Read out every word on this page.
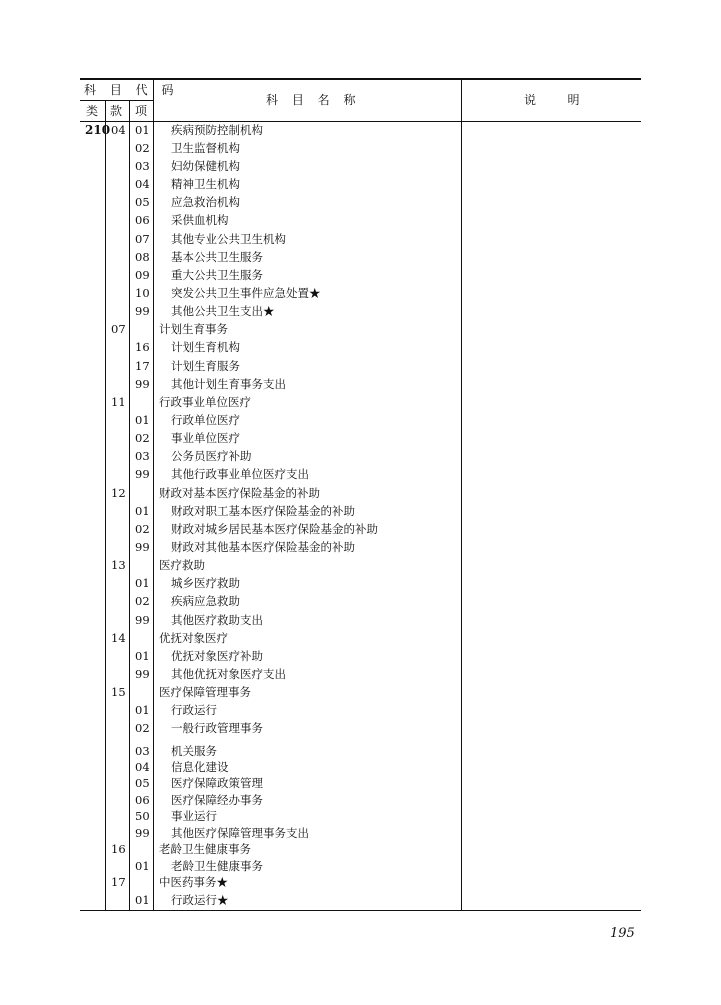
科 目 代 码
类 款 项
科 目 名 称	说   明
210 04 01 疾病预防控制机构
02 卫生监督机构
03 妇幼保健机构
04 精神卫生机构
05 应急救治机构
06 采供血机构
07 其他专业公共卫生机构
08 基本公共卫生服务
09 重大公共卫生服务
10 突发公共卫生事件应急处置★
99 其他公共卫生支出★
07	计划生育事务
16 计划生育机构
17 计划生育服务
99 其他计划生育事务支出
11	行政事业单位医疗
01 行政单位医疗
02 事业单位医疗
03 公务员医疗补助
99 其他行政事业单位医疗支出
12	财政对基本医疗保险基金的补助
01 财政对职工基本医疗保险基金的补助
02 财政对城乡居民基本医疗保险基金的补助
99 财政对其他基本医疗保险基金的补助
13	医疗救助
01 城乡医疗救助
02 疾病应急救助
99 其他医疗救助支出
14	优抚对象医疗
01 优抚对象医疗补助
99 其他优抚对象医疗支出
15	医疗保障管理事务
01 行政运行
02 一般行政管理事务
03 机关服务
04 信息化建设
05 医疗保障政策管理
06 医疗保障经办事务
50 事业运行
99 其他医疗保障管理事务支出
16	老龄卫生健康事务
01 老龄卫生健康事务
17	中医药事务★
01 行政运行★
195
